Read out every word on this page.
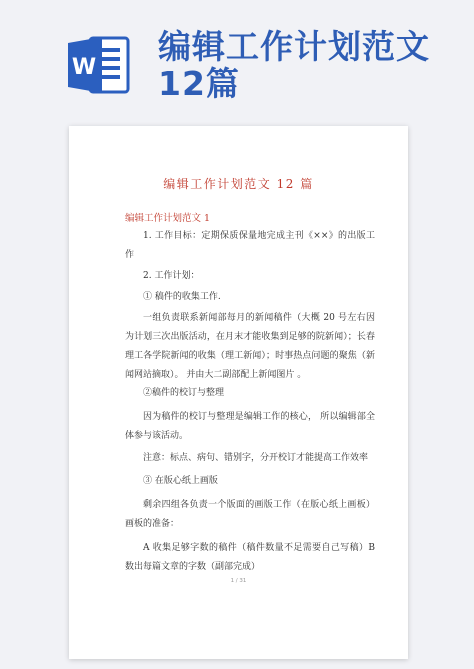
W
编辑工作计划范文12篇
编辑工作计划范文 12 篇
编辑工作计划范文 1
1. 工作目标：定期保质保量地完成主刊《××》的出版工作
2. 工作计划：
① 稿件的收集工作.
一组负责联系新闻部每月的新闻稿件（大概 20 号左右因为计划三次出版活动，在月末才能收集到足够的院新闻）；长春理工各学院新闻的收集（理工新闻）；时事热点问题的聚焦（新闻网站摘取）。 并由大二副部配上新闻图片 。
②稿件的校订与整理
因为稿件的校订与整理是编辑工作的核心， 所以编辑部全体参与该活动。
注意：标点、病句、错别字，分开校订才能提高工作效率
③ 在版心纸上画版
剩余四组各负责一个版面的画版工作（在版心纸上画板） 画板的准备：
A 收集足够字数的稿件（稿件数量不足需要自己写稿）B 数出每篇文章的字数（副部完成）
1 / 31
